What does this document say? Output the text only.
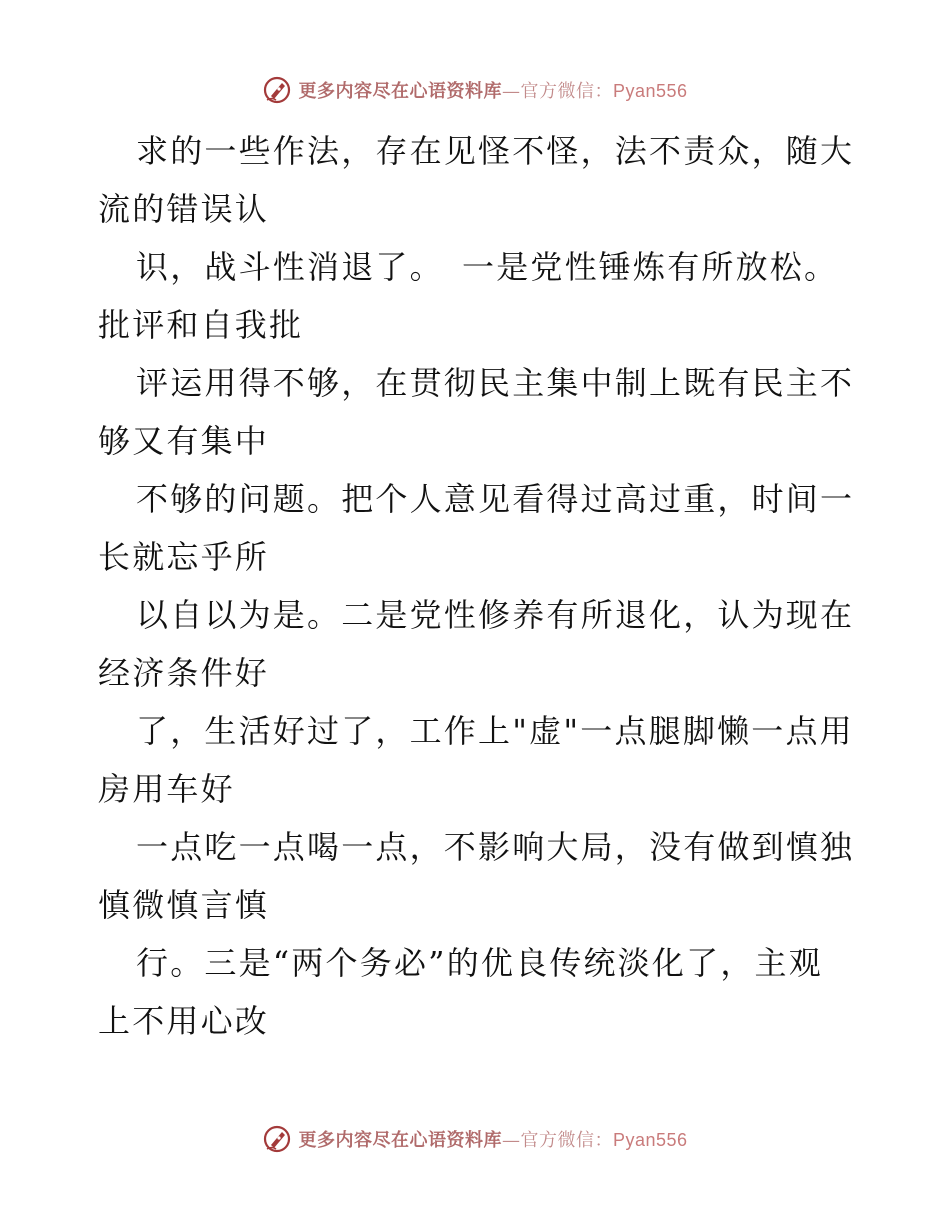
更多内容尽在心语资料库—官方微信：Pyan556
求的一些作法，存在见怪不怪，法不责众，随大
流的错误认
识，战斗性消退了。　一是党性锤炼有所放松。
批评和自我批
评运用得不够，在贯彻民主集中制上既有民主不
够又有集中
不够的问题。把个人意见看得过高过重，时间一
长就忘乎所
以自以为是。二是党性修养有所退化，认为现在
经济条件好
了，生活好过了，工作上"虚"一点腿脚懒一点用
房用车好
一点吃一点喝一点，不影响大局，没有做到慎独
慎微慎言慎
行。三是“两个务必”的优良传统淡化了，主观
上不用心改
更多内容尽在心语资料库—官方微信：Pyan556
